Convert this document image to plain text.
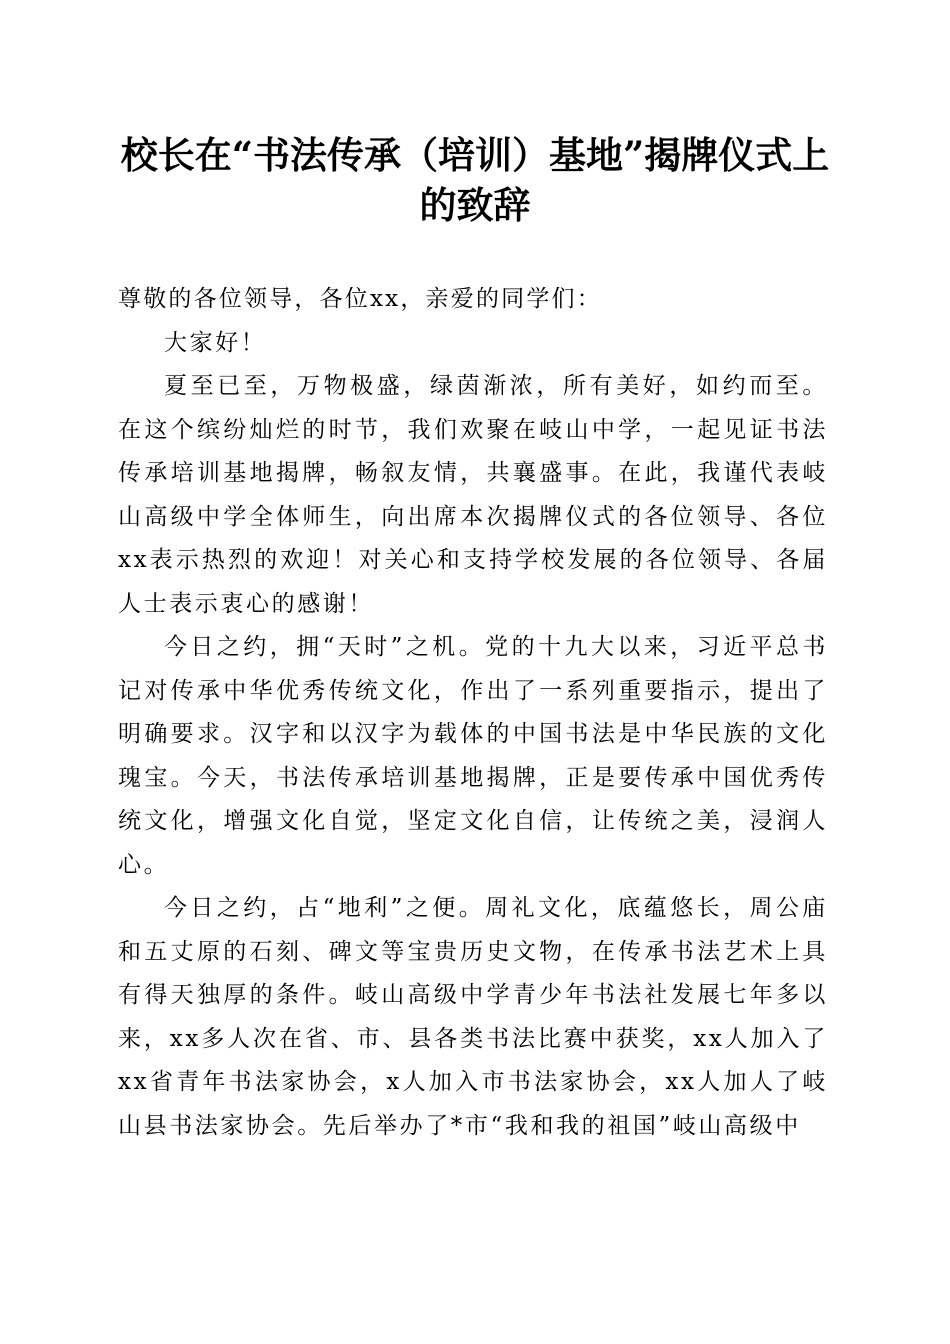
校长在“书法传承（培训）基地”揭牌仪式上
的致辞

尊敬的各位领导，各位xx，亲爱的同学们：

大家好！

夏至已至，万物极盛，绿茵渐浓，所有美好，如约而至。在这个缤纷灿烂的时节，我们欢聚在岐山中学，一起见证书法传承培训基地揭牌，畅叙友情，共襄盛事。在此，我谨代表岐山高级中学全体师生，向出席本次揭牌仪式的各位领导、各位xx表示热烈的欢迎！对关心和支持学校发展的各位领导、各届人士表示衷心的感谢！

今日之约，拥“天时”之机。党的十九大以来，习近平总书记对传承中华优秀传统文化，作出了一系列重要指示，提出了明确要求。汉字和以汉字为载体的中国书法是中华民族的文化瑰宝。今天，书法传承培训基地揭牌，正是要传承中国优秀传统文化，增强文化自觉，坚定文化自信，让传统之美，浸润人心。

今日之约，占“地利”之便。周礼文化，底蕴悠长，周公庙和五丈原的石刻、碑文等宝贵历史文物，在传承书法艺术上具有得天独厚的条件。岐山高级中学青少年书法社发展七年多以来，xx多人次在省、市、县各类书法比赛中获奖，xx人加入了xx省青年书法家协会，x人加入市书法家协会，xx人加人了岐山县书法家协会。先后举办了*市“我和我的祖国”岐山高级中
